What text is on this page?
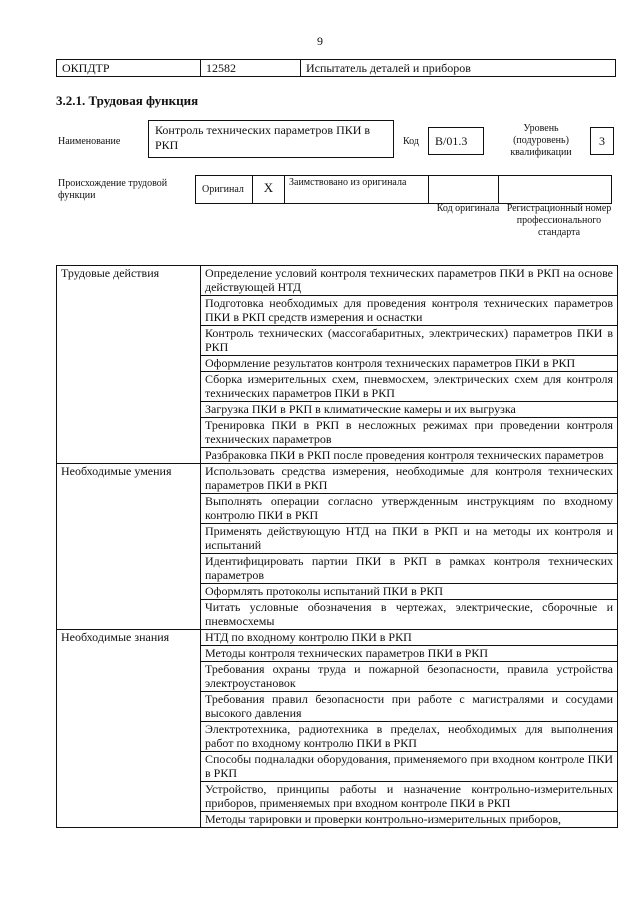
9
ОКПДТР	12582	Испытатель деталей и приборов
3.2.1. Трудовая функция
Наименование
Контроль технических параметров ПКИ в РКП	Код	В/01.3
Уровень (подуровень) квалификации
3
Происхождение трудовой функции
Оригинал	X	Заимствовано из оригинала
Код оригинала Регистрационный номер профессионального стандарта
Трудовые действия	Определение условий контроля технических параметров ПКИ в РКП на основе действующей НТД
	Подготовка необходимых для проведения контроля технических параметров ПКИ в РКП средств измерения и оснастки
	Контроль технических (массогабаритных, электрических) параметров ПКИ в РКП
	Оформление результатов контроля технических параметров ПКИ в РКП
	Сборка измерительных схем, пневмосхем, электрических схем для контроля технических параметров ПКИ в РКП
	Загрузка ПКИ в РКП в климатические камеры и их выгрузка
	Тренировка ПКИ в РКП в несложных режимах при проведении контроля технических параметров
	Разбраковка ПКИ в РКП после проведения контроля технических параметров
Необходимые умения	Использовать средства измерения, необходимые для контроля технических параметров ПКИ в РКП
	Выполнять операции согласно утвержденным инструкциям по входному контролю ПКИ в РКП
	Применять действующую НТД на ПКИ в РКП и на методы их контроля и испытаний
	Идентифицировать партии ПКИ в РКП в рамках контроля технических параметров
	Оформлять протоколы испытаний ПКИ в РКП
	Читать условные обозначения в чертежах, электрические, сборочные и пневмосхемы
Необходимые знания	НТД по входному контролю ПКИ в РКП
	Методы контроля технических параметров ПКИ в РКП
	Требования охраны труда и пожарной безопасности, правила устройства электроустановок
	Требования правил безопасности при работе с магистралями и сосудами высокого давления
	Электротехника, радиотехника в пределах, необходимых для выполнения работ по входному контролю ПКИ в РКП
	Способы подналадки оборудования, применяемого при входном контроле ПКИ в РКП
	Устройство, принципы работы и назначение контрольно-измерительных приборов, применяемых при входном контроле ПКИ в РКП
	Методы тарировки и проверки контрольно-измерительных приборов,
